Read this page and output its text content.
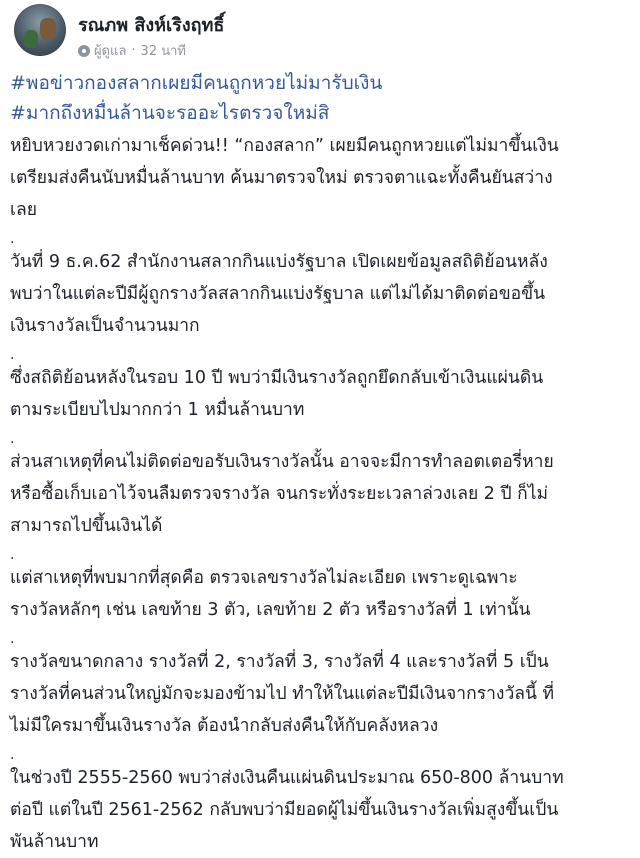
รณภพ สิงห์เริงฤทธิ์
ผู้ดูแล · 32 นาที
#พอข่าวกองสลากเผยมีคนถูกหวยไม่มารับเงิน
#มากถึงหมื่นล้านจะรออะไรตรวจใหม่สิ

หยิบหวยงวดเก่ามาเช็คด่วน!! “กองสลาก” เผยมีคนถูกหวยแต่ไม่มาขึ้นเงิน

เตรียมส่งคืนนับหมื่นล้านบาท ค้นมาตรวจใหม่ ตรวจตาแฉะทั้งคืนยันสว่าง

เลย

.

วันที่ 9 ธ.ค.62 สำนักงานสลากกินแบ่งรัฐบาล เปิดเผยข้อมูลสถิติย้อนหลัง

พบว่าในแต่ละปีมีผู้ถูกรางวัลสลากกินแบ่งรัฐบาล แต่ไม่ได้มาติดต่อขอขึ้น

เงินรางวัลเป็นจำนวนมาก

.

ซึ่งสถิติย้อนหลังในรอบ 10 ปี พบว่ามีเงินรางวัลถูกยึดกลับเข้าเงินแผ่นดิน

ตามระเบียบไปมากกว่า 1 หมื่นล้านบาท

.

ส่วนสาเหตุที่คนไม่ติดต่อขอรับเงินรางวัลนั้น อาจจะมีการทำลอตเตอรี่หาย

หรือซื้อเก็บเอาไว้จนลืมตรวจรางวัล จนกระทั่งระยะเวลาล่วงเลย 2 ปี ก็ไม่

สามารถไปขึ้นเงินได้

.

แต่สาเหตุที่พบมากที่สุดคือ ตรวจเลขรางวัลไม่ละเอียด เพราะดูเฉพาะ

รางวัลหลักๆ เช่น เลขท้าย 3 ตัว, เลขท้าย 2 ตัว หรือรางวัลที่ 1 เท่านั้น

.

รางวัลขนาดกลาง รางวัลที่ 2, รางวัลที่ 3, รางวัลที่ 4 และรางวัลที่ 5 เป็น

รางวัลที่คนส่วนใหญ่มักจะมองข้ามไป ทำให้ในแต่ละปีมีเงินจากรางวัลนี้ ที่

ไม่มีใครมาขึ้นเงินรางวัล ต้องนำกลับส่งคืนให้กับคลังหลวง

.

ในช่วงปี 2555-2560 พบว่าส่งเงินคืนแผ่นดินประมาณ 650-800 ล้านบาท

ต่อปี แต่ในปี 2561-2562 กลับพบว่ามียอดผู้ไม่ขึ้นเงินรางวัลเพิ่มสูงขึ้นเป็น

พันล้านบาท
